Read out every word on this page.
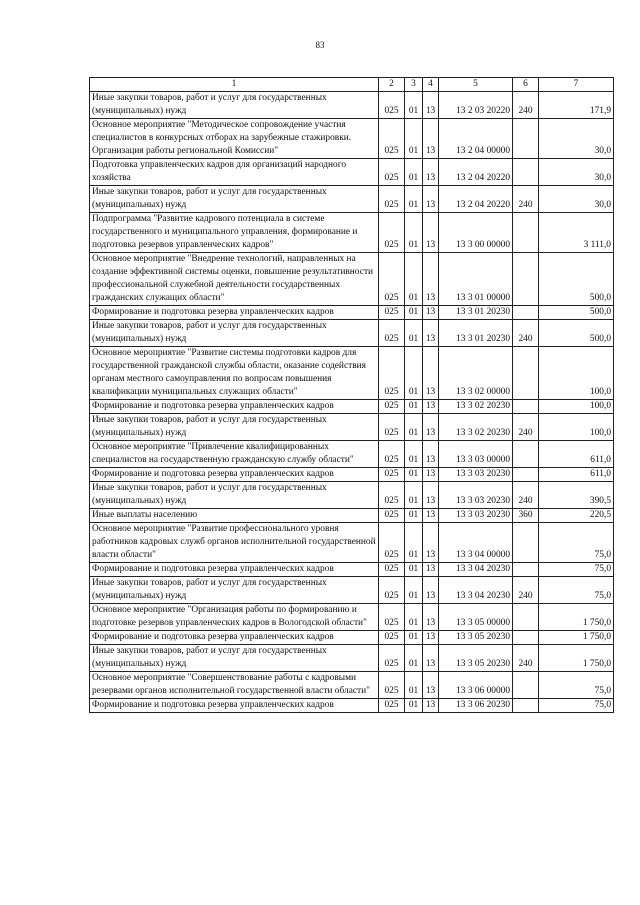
83
1	2	3	4	5	6	7
Иные закупки товаров, работ и услуг для государственных (муниципальных) нужд	025	01	13	13 2 03 20220	240	171,9
Основное мероприятие "Методическое сопровождение участия специалистов в конкурсных отборах на зарубежные стажировки. Организация работы региональной Комиссии"	025	01	13	13 2 04 00000		30,0
Подготовка управленческих кадров для организаций народного хозяйства	025	01	13	13 2 04 20220		30,0
Иные закупки товаров, работ и услуг для государственных (муниципальных) нужд	025	01	13	13 2 04 20220	240	30,0
Подпрограмма "Развитие кадрового потенциала в системе государственного и муниципального управления, формирование и подготовка резервов управленческих кадров"	025	01	13	13 3 00 00000		3 111,0
Основное мероприятие "Внедрение технологий, направленных на создание эффективной системы оценки, повышение результативности профессиональной служебной деятельности государственных гражданских служащих области"	025	01	13	13 3 01 00000		500,0
Формирование и подготовка резерва управленческих кадров	025	01	13	13 3 01 20230		500,0
Иные закупки товаров, работ и услуг для государственных (муниципальных) нужд	025	01	13	13 3 01 20230	240	500,0
Основное мероприятие "Развитие системы подготовки кадров для государственной гражданской службы области, оказание содействия органам местного самоуправления по вопросам повышения квалификации муниципальных служащих области"	025	01	13	13 3 02 00000		100,0
Формирование и подготовка резерва управленческих кадров	025	01	13	13 3 02 20230		100,0
Иные закупки товаров, работ и услуг для государственных (муниципальных) нужд	025	01	13	13 3 02 20230	240	100,0
Основное мероприятие "Привлечение квалифицированных специалистов на государственную гражданскую службу области"	025	01	13	13 3 03 00000		611,0
Формирование и подготовка резерва управленческих кадров	025	01	13	13 3 03 20230		611,0
Иные закупки товаров, работ и услуг для государственных (муниципальных) нужд	025	01	13	13 3 03 20230	240	390,5
Иные выплаты населению	025	01	13	13 3 03 20230	360	220,5
Основное мероприятие "Развитие профессионального уровня работников кадровых служб органов исполнительной государственной власти области"	025	01	13	13 3 04 00000		75,0
Формирование и подготовка резерва управленческих кадров	025	01	13	13 3 04 20230		75,0
Иные закупки товаров, работ и услуг для государственных (муниципальных) нужд	025	01	13	13 3 04 20230	240	75,0
Основное мероприятие "Организация работы по формированию и подготовке резервов управленческих кадров в Вологодской области"	025	01	13	13 3 05 00000		1 750,0
Формирование и подготовка резерва управленческих кадров	025	01	13	13 3 05 20230		1 750,0
Иные закупки товаров, работ и услуг для государственных (муниципальных) нужд	025	01	13	13 3 05 20230	240	1 750,0
Основное мероприятие "Совершенствование работы с кадровыми резервами органов исполнительной государственной власти области"	025	01	13	13 3 06 00000		75,0
Формирование и подготовка резерва управленческих кадров	025	01	13	13 3 06 20230		75,0
